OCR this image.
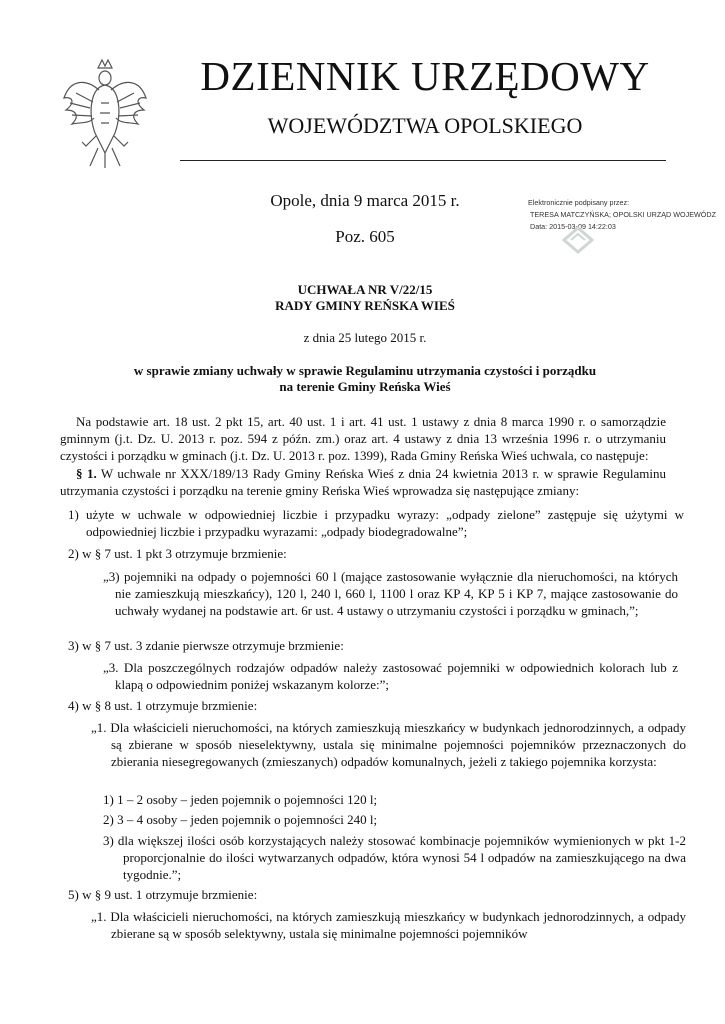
DZIENNIK URZĘDOWY
WOJEWÓDZTWA OPOLSKIEGO
Opole, dnia 9 marca 2015 r.
Poz. 605
Elektronicznie podpisany przez:
TERESA MATCZYŃSKA; OPOLSKI URZĄD WOJEWÓDZ
Data: 2015-03-09 14:22:03
UCHWAŁA NR V/22/15
RADY GMINY REŃSKA WIEŚ
z dnia 25 lutego 2015 r.
w sprawie zmiany uchwały w sprawie Regulaminu utrzymania czystości i porządku
na terenie Gminy Reńska Wieś
Na podstawie art. 18 ust. 2 pkt 15, art. 40 ust. 1 i art. 41 ust. 1 ustawy z dnia 8 marca 1990 r. o samorządzie gminnym (j.t. Dz. U. 2013 r. poz. 594 z późn. zm.) oraz art. 4 ustawy z dnia 13 września 1996 r. o utrzymaniu czystości i porządku w gminach (j.t. Dz. U. 2013 r. poz. 1399), Rada Gminy Reńska Wieś uchwala, co następuje:
§ 1. W uchwale nr XXX/189/13 Rady Gminy Reńska Wieś z dnia 24 kwietnia 2013 r. w sprawie Regulaminu utrzymania czystości i porządku na terenie gminy Reńska Wieś wprowadza się następujące zmiany:
1) użyte w uchwale w odpowiedniej liczbie i przypadku wyrazy: „odpady zielone” zastępuje się użytymi w odpowiedniej liczbie i przypadku wyrazami: „odpady biodegradowalne”;
2) w § 7 ust. 1 pkt 3 otrzymuje brzmienie:
„3) pojemniki na odpady o pojemności 60 l (mające zastosowanie wyłącznie dla nieruchomości, na których nie zamieszkują mieszkańcy), 120 l, 240 l, 660 l, 1100 l oraz KP 4, KP 5 i KP 7, mające zastosowanie do uchwały wydanej na podstawie art. 6r ust. 4 ustawy o utrzymaniu czystości i porządku w gminach,”;
3) w § 7 ust. 3 zdanie pierwsze otrzymuje brzmienie:
„3. Dla poszczególnych rodzajów odpadów należy zastosować pojemniki w odpowiednich kolorach lub z klapą o odpowiednim poniżej wskazanym kolorze:”;
4) w § 8 ust. 1 otrzymuje brzmienie:
„1. Dla właścicieli nieruchomości, na których zamieszkują mieszkańcy w budynkach jednorodzinnych, a odpady są zbierane w sposób nieselektywny, ustala się minimalne pojemności pojemników przeznaczonych do zbierania niesegregowanych (zmieszanych) odpadów komunalnych, jeżeli z takiego pojemnika korzysta:
1) 1 – 2 osoby – jeden pojemnik o pojemności 120 l;
2) 3 – 4 osoby – jeden pojemnik o pojemności 240 l;
3) dla większej ilości osób korzystających należy stosować kombinacje pojemników wymienionych w pkt 1-2 proporcjonalnie do ilości wytwarzanych odpadów, która wynosi 54 l odpadów na zamieszkującego na dwa tygodnie.”;
5) w § 9 ust. 1 otrzymuje brzmienie:
„1. Dla właścicieli nieruchomości, na których zamieszkują mieszkańcy w budynkach jednorodzinnych, a odpady zbierane są w sposób selektywny, ustala się minimalne pojemności pojemników
